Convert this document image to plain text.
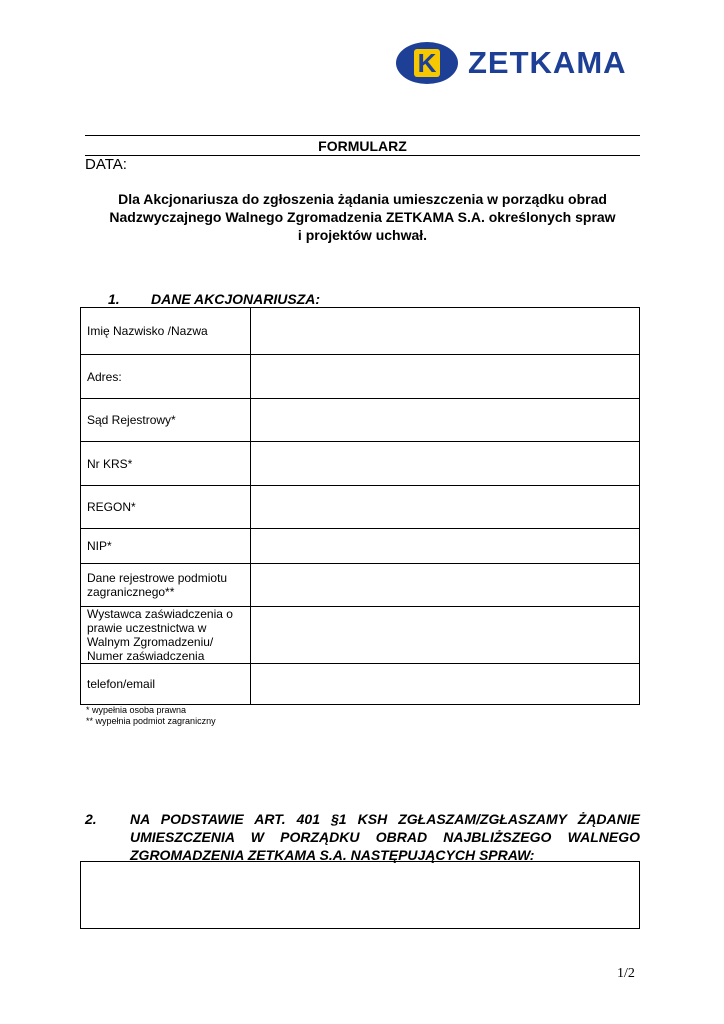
K ZETKAMA
FORMULARZ
DATA:
Dla Akcjonariusza do zgłoszenia żądania umieszczenia w porządku obrad
Nadzwyczajnego Walnego Zgromadzenia ZETKAMA S.A. określonych spraw
i projektów uchwał.
1. DANE AKCJONARIUSZA:
Imię Nazwisko /Nazwa	
Adres:	
Sąd Rejestrowy*	
Nr KRS*	
REGON*	
NIP*	
Dane rejestrowe podmiotu zagranicznego**	
Wystawca zaświadczenia o prawie uczestnictwa w Walnym Zgromadzeniu/ Numer zaświadczenia	
telefon/email	
* wypełnia osoba prawna
** wypełnia podmiot zagraniczny
2. NA PODSTAWIE ART. 401 §1 KSH ZGŁASZAM/ZGŁASZAMY ŻĄDANIE UMIESZCZENIA W PORZĄDKU OBRAD NAJBLIŻSZEGO WALNEGO ZGROMADZENIA ZETKAMA S.A. NASTĘPUJĄCYCH SPRAW:
1/2
